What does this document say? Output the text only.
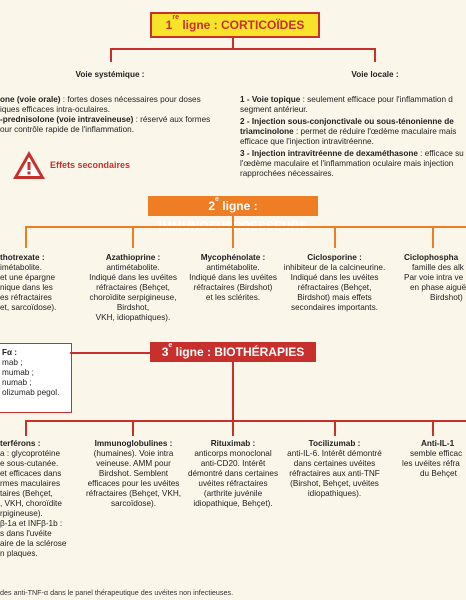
1re ligne : CORTICOÏDES
Voie systémique :
one (voie orale) : fortes doses nécessaires pour doses
iques efficaces intra-oculaires.
-prednisolone (voie intraveineuse) : réservé aux formes
our contrôle rapide de l'inflammation.
Effets secondaires
Voie locale :
1 - Voie topique : seulement efficace pour l'inflammation d
segment antérieur.
2 - Injection sous-conjonctivale ou sous-ténonienne de
triamcinolone : permet de réduire l'œdème maculaire mais
efficace que l'injection intravitréenne.
3 - Injection intravitréenne de dexaméthasone : efficace su
l'œdème maculaire et l'inflammation oculaire mais injection
rapprochées nécessaires.
2e ligne :
thotrexate :
imétabolite.
et une épargne
nique dans les
es réfractaires
et, sarcoïdose).
Azathioprine :
antimétabolite.
Indiqué dans les uvéites
réfractaires (Behçet,
choroïdite serpigineuse,
Birdshot,
VKH, idiopathiques).
Mycophénolate :
antimétabolite.
Indiqué dans les uvéites
réfractaires (Birdshot)
et les sclérites.
Ciclosporine :
inhibiteur de la calcineurine.
Indiqué dans les uvéites
réfractaires (Behçet,
Birdshot) mais effets
secondaires importants.
Ciclophospha
famille des alk
Par voie intra ve
en phase aiguë
Birdshot)
Fα :
mab ;
mumab ;
numab ;
olizumab pegol.
3e ligne : BIOTHÉRAPIES
terférons :
a : glycoprotéine
e sous-cutanée.
et efficaces dans
rmes maculaires
taires (Behçet,
, VKH, choroïdite
rpigineuse).
β-1a et INFβ-1b :
s dans l'uvéite
aire de la sclérose
n plaques.
Immunoglobulines :
(humaines). Voie intra
veineuse. AMM pour
Birdshot. Semblent
efficaces pour les uvéites
réfractaires (Behçet, VKH,
sarcoïdose).
Rituximab :
anticorps monoclonal
anti-CD20. Intérêt
démontré dans certaines
uvéites réfractaires
(arthrite juvénile
idiopathique, Behçet).
Tocilizumab :
anti-IL-6. Intérêt démontré
dans certaines uvéites
réfractaires aux anti-TNF
(Birshot, Behçet, uvéites
idiopathiques).
Anti-IL-1
semble efficac
les uvéites réfra
du Behçet
des anti-TNF-α dans le panel thérapeutique des uvéites non infectieuses.
